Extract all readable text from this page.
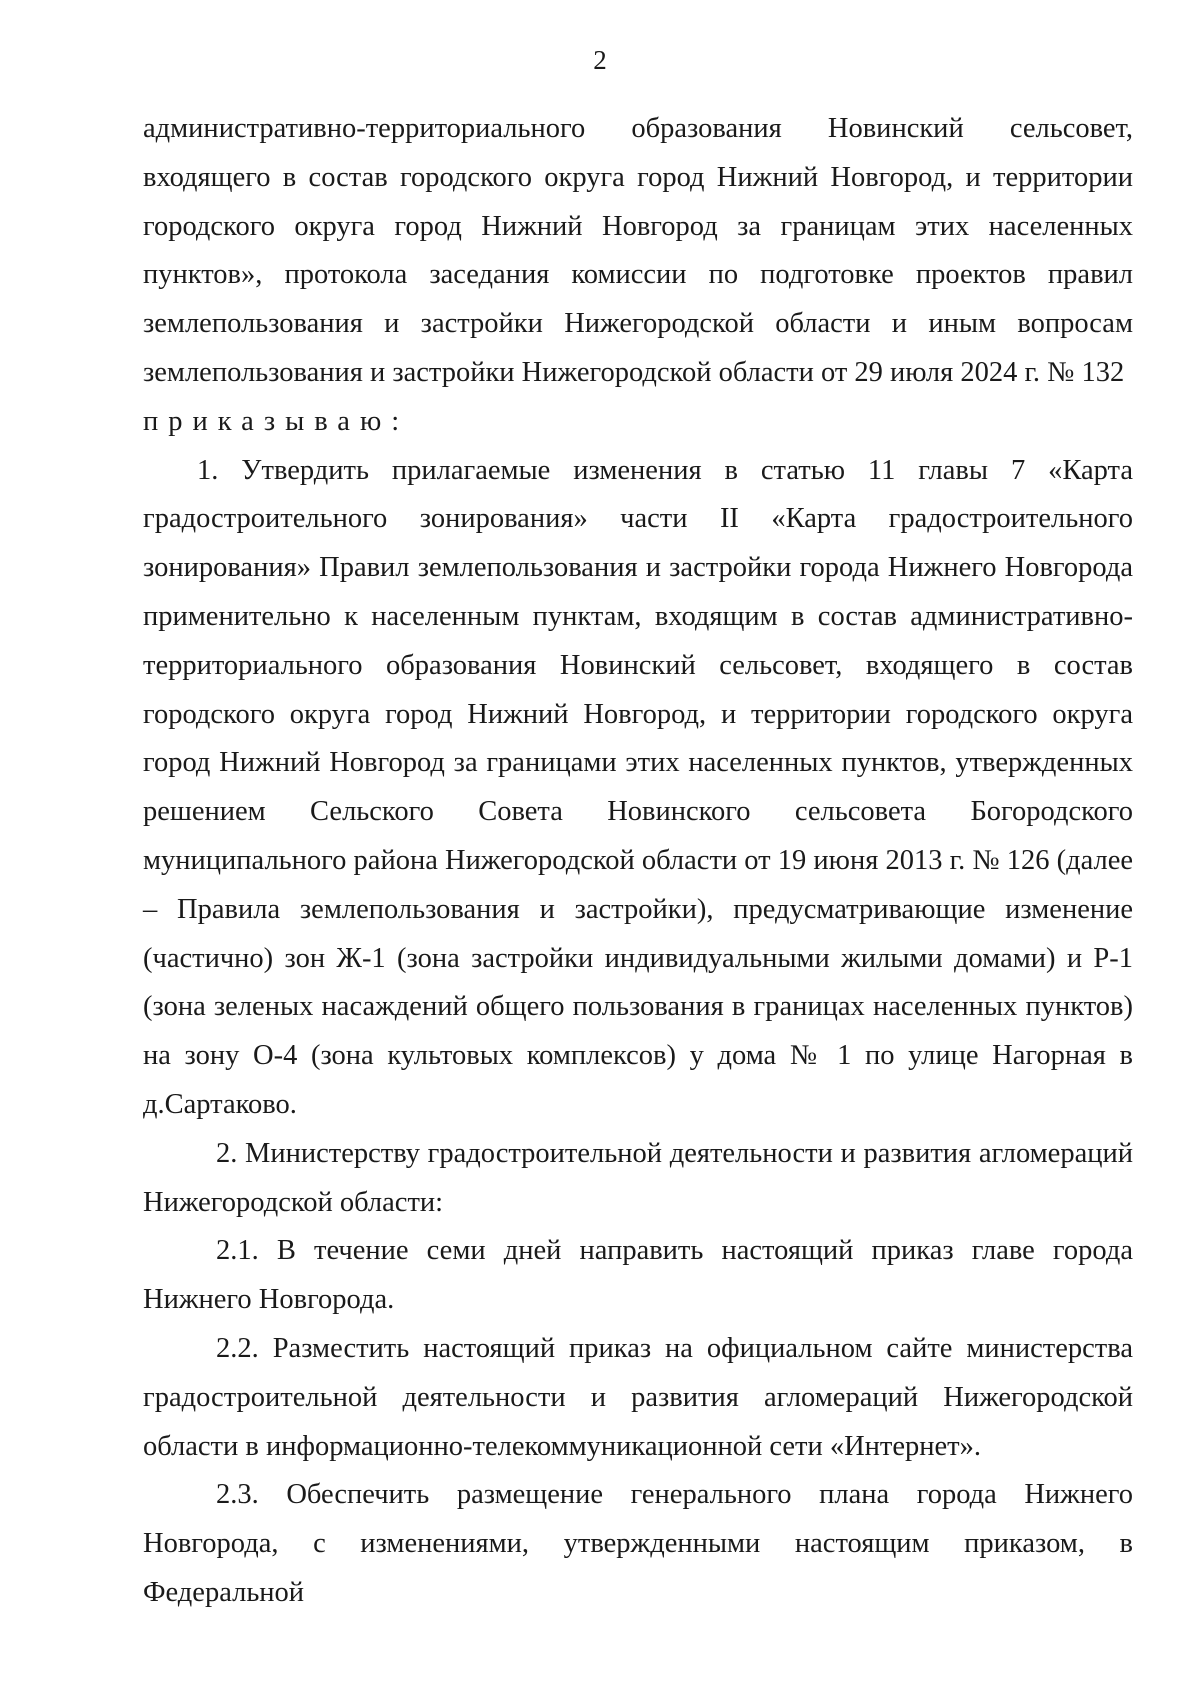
2

административно-территориального образования Новинский сельсовет, входящего в состав городского округа город Нижний Новгород, и территории городского округа город Нижний Новгород за границам этих населенных пунктов», протокола заседания комиссии по подготовке проектов правил землепользования и застройки Нижегородской области и иным вопросам землепользования и застройки Нижегородской области от 29 июля 2024 г. № 132

приказываю:

1. Утвердить прилагаемые изменения в статью 11 главы 7 «Карта градостроительного зонирования» части II «Карта градостроительного зонирования» Правил землепользования и застройки города Нижнего Новгорода применительно к населенным пунктам, входящим в состав административно-территориального образования Новинский сельсовет, входящего в состав городского округа город Нижний Новгород, и территории городского округа город Нижний Новгород за границами этих населенных пунктов, утвержденных решением Сельского Совета Новинского сельсовета Богородского муниципального района Нижегородской области от 19 июня 2013 г. № 126 (далее – Правила землепользования и застройки), предусматривающие изменение (частично) зон Ж-1 (зона застройки индивидуальными жилыми домами) и Р-1 (зона зеленых насаждений общего пользования в границах населенных пунктов) на зону О-4 (зона культовых комплексов) у дома № 1 по улице Нагорная в д.Сартаково.

2. Министерству градостроительной деятельности и развития агломераций Нижегородской области:

2.1. В течение семи дней направить настоящий приказ главе города Нижнего Новгорода.

2.2. Разместить настоящий приказ на официальном сайте министерства градостроительной деятельности и развития агломераций Нижегородской области в информационно-телекоммуникационной сети «Интернет».

2.3. Обеспечить размещение генерального плана города Нижнего Новгорода, с изменениями, утвержденными настоящим приказом, в Федеральной
